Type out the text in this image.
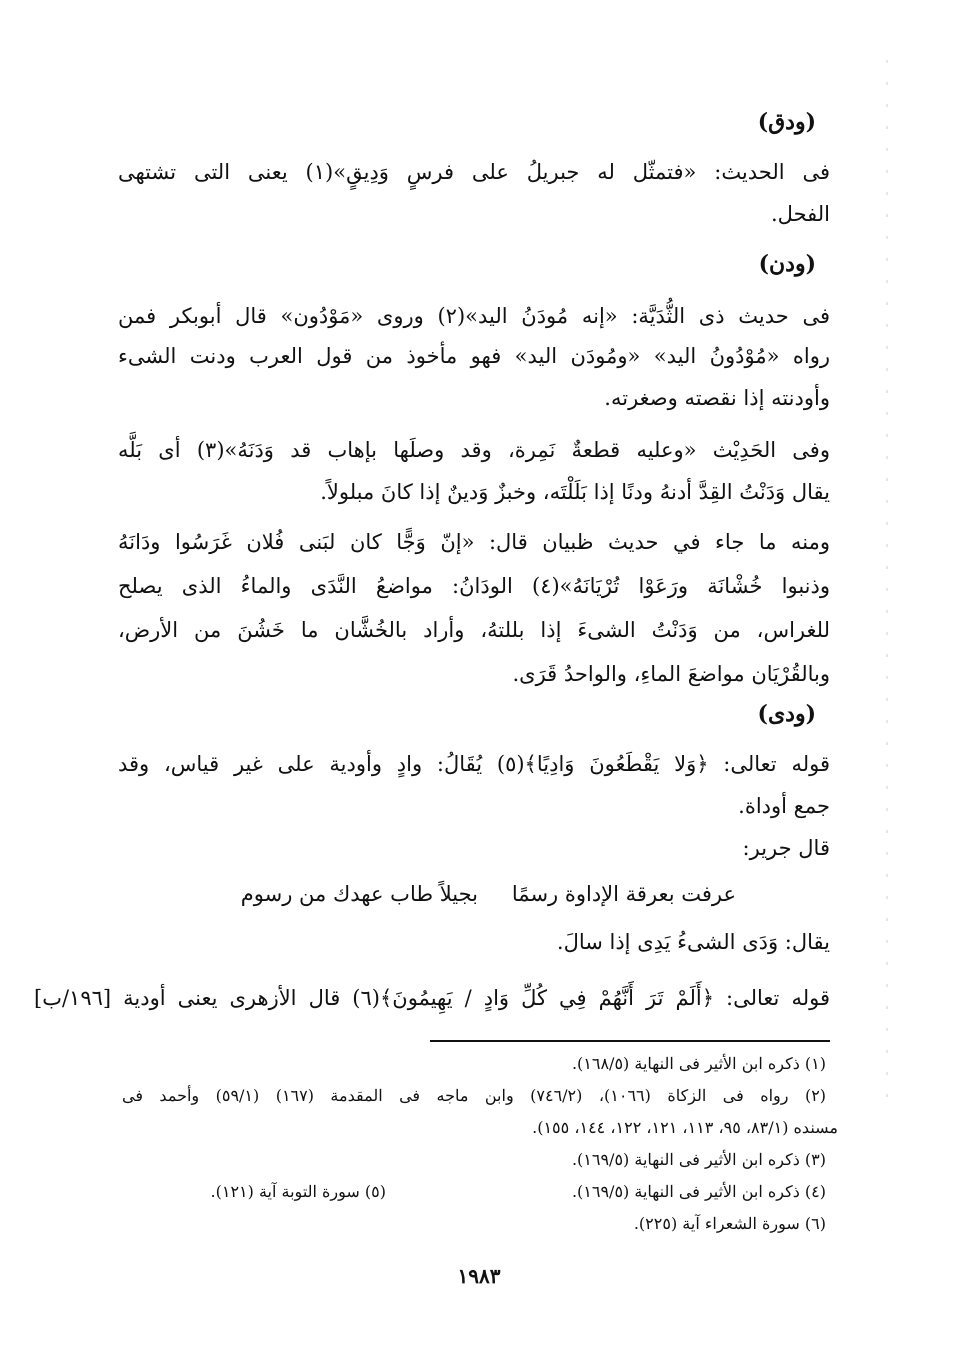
(ودق)
فى الحديث: «فتمثّل له جبريلُ على فرسٍ وَدِيقٍ»(١) يعنى التى تشتهى
الفحل.
(ودن)
فى حديث ذى الثُّدَيَّة: «إنه مُودَنُ اليد»(٢) وروى «مَوْدُون» قال أبوبكر فمن
رواه «مُوْدُونُ اليد» «ومُودَن اليد» فهو مأخوذ من قول العرب ودنت الشىء
وأودنته إذا نقصته وصغرته.
وفى الحَدِيْث «وعليه قطعةٌ نَمِرة، وقد وصلَها بإهاب قد وَدَنَهُ»(٣) أى بَلَّه
يقال وَدَنْتُ القِدَّ أدنهُ ودنًا إذا بَلَلْتَه، وخبزٌ وَدينٌ إذا كانَ مبلولاً.
ومنه ما جاء في حديث ظبيان قال: «إنّ وَجًّا كان لبَنى فُلان غَرَسُوا ودَانَهُ
وذنبوا خُشْانَة ورَعَوْا تُرْيَانَهُ»(٤) الودَانُ: مواضعُ النَّدَى والماءُ الذى يصلح
للغراس، من وَدَنْتُ الشىءَ إذا بللتهُ، وأراد بالخُشَّان ما خَشُنَ من الأرض،
وبالقُرْيَان مواضعَ الماءِ، والواحدُ قَرَى.
(ودى)
قوله تعالى: ﴿وَلا يَقْطَعُونَ وَادِيًا﴾(٥) يُقَالُ: وادٍ وأودية على غير قياس، وقد
جمع أوداة.
قال جرير:
عرفت بعرقة الإداوة رسمًا
بجيلاً طاب عهدك من رسوم
يقال: وَدَى الشىءُ يَدِى إذا سالَ.
قوله تعالى: ﴿أَلَمْ تَرَ أَنَّهُمْ فِي كُلِّ وَادٍ / يَهِيمُونَ﴾(٦) قال الأزهرى يعنى أودية [١٩٦/ب]
(١) ذكره ابن الأثير فى النهاية (١٦٨/٥).
(٢) رواه فى الزكاة (١٠٦٦)، (٧٤٦/٢) وابن ماجه فى المقدمة (١٦٧) (٥٩/١) وأحمد فى
مسنده (٨٣/١، ٩٥، ١١٣، ١٢١، ١٢٢، ١٤٤، ١٥٥).
(٣) ذكره ابن الأثير فى النهاية (١٦٩/٥).
(٤) ذكره ابن الأثير فى النهاية (١٦٩/٥).
(٥) سورة التوبة آية (١٢١).
(٦) سورة الشعراء آية (٢٢٥).
١٩٨٣
